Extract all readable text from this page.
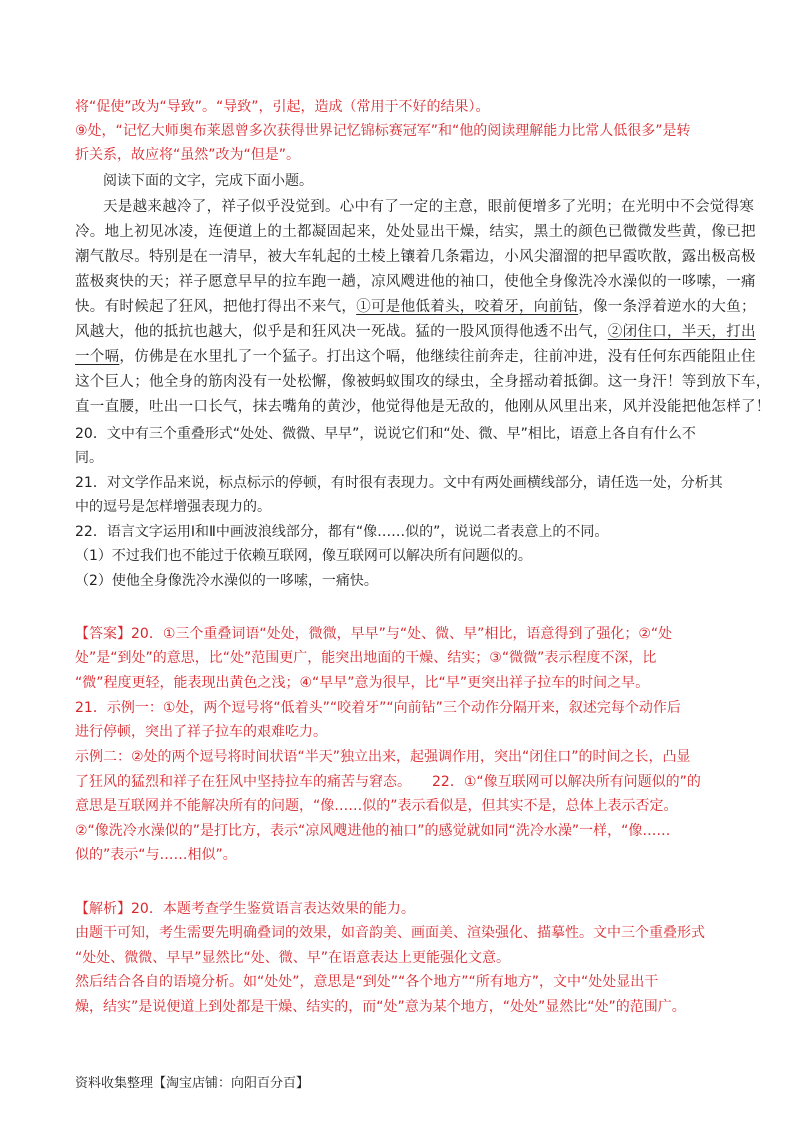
将“促使”改为“导致”。“导致”，引起，造成（常用于不好的结果）。
⑨处，“记忆大师奥布莱恩曾多次获得世界记忆锦标赛冠军”和“他的阅读理解能力比常人低很多”是转
折关系，故应将“虽然”改为“但是”。
阅读下面的文字，完成下面小题。
天是越来越冷了，祥子似乎没觉到。心中有了一定的主意，眼前便增多了光明；在光明中不会觉得寒
冷。地上初见冰凌，连便道上的土都凝固起来，处处显出干燥，结实，黑土的颜色已微微发些黄，像已把
潮气散尽。特别是在一清早，被大车轧起的土棱上镶着几条霜边，小风尖溜溜的把早霞吹散，露出极高极
蓝极爽快的天；祥子愿意早早的拉车跑一趟，凉风飕进他的袖口，使他全身像洗冷水澡似的一哆嗦，一痛
快。有时候起了狂风，把他打得出不来气，①可是他低着头，咬着牙，向前钻，像一条浮着逆水的大鱼；
风越大，他的抵抗也越大，似乎是和狂风决一死战。猛的一股风顶得他透不出气，②闭住口，半天，打出
一个嗝，仿佛是在水里扎了一个猛子。打出这个嗝，他继续往前奔走，往前冲进，没有任何东西能阻止住
这个巨人；他全身的筋肉没有一处松懈，像被蚂蚁围攻的绿虫，全身摇动着抵御。这一身汗！等到放下车，
直一直腰，吐出一口长气，抹去嘴角的黄沙，他觉得他是无敌的，他刚从风里出来，风并没能把他怎样了！
20．文中有三个重叠形式“处处、微微、早早”，说说它们和“处、微、早”相比，语意上各自有什么不
同。
21．对文学作品来说，标点标示的停顿，有时很有表现力。文中有两处画横线部分，请任选一处，分析其
中的逗号是怎样增强表现力的。
22．语言文字运用Ⅰ和Ⅱ中画波浪线部分，都有“像……似的”，说说二者表意上的不同。
（1）不过我们也不能过于依赖互联网，像互联网可以解决所有问题似的。
（2）使他全身像洗冷水澡似的一哆嗦，一痛快。
【答案】20．①三个重叠词语“处处，微微，早早”与“处、微、早”相比，语意得到了强化；②“处
处”是“到处”的意思，比“处”范围更广，能突出地面的干燥、结实；③“微微”表示程度不深，比
“微”程度更轻，能表现出黄色之浅；④“早早”意为很早，比“早”更突出祥子拉车的时间之早。
21．示例一：①处，两个逗号将“低着头”“咬着牙”“向前钻”三个动作分隔开来，叙述完每个动作后
进行停顿，突出了祥子拉车的艰难吃力。
示例二：②处的两个逗号将时间状语“半天”独立出来，起强调作用，突出“闭住口”的时间之长，凸显
了狂风的猛烈和祥子在狂风中坚持拉车的痛苦与窘态。　　22．①“像互联网可以解决所有问题似的”的
意思是互联网并不能解决所有的问题，“像……似的”表示看似是，但其实不是，总体上表示否定。
②“像洗冷水澡似的”是打比方，表示“凉风飕进他的袖口”的感觉就如同“洗冷水澡”一样，“像……
似的”表示“与……相似”。
【解析】20．本题考查学生鉴赏语言表达效果的能力。
由题干可知，考生需要先明确叠词的效果，如音韵美、画面美、渲染强化、描摹性。文中三个重叠形式
“处处、微微、早早”显然比“处、微、早”在语意表达上更能强化文意。
然后结合各自的语境分析。如“处处”，意思是“到处”“各个地方”“所有地方”，文中“处处显出干
燥，结实”是说便道上到处都是干燥、结实的，而“处”意为某个地方，“处处”显然比“处”的范围广。
资料收集整理【淘宝店铺：向阳百分百】
